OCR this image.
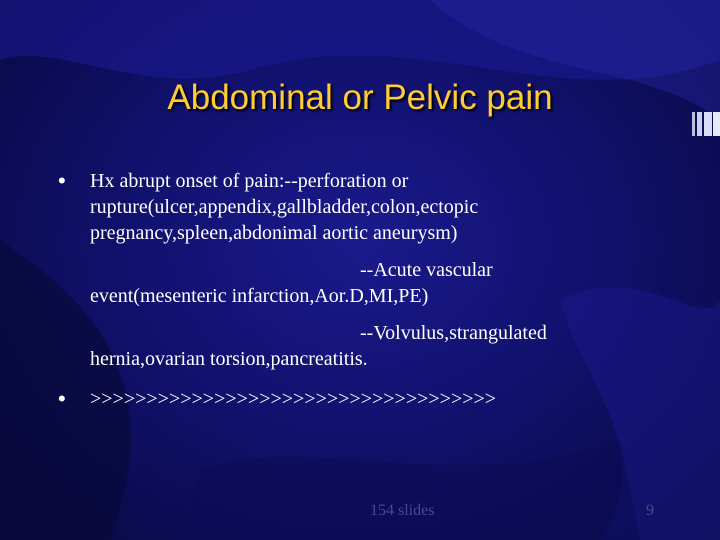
Abdominal or Pelvic pain
• Hx abrupt onset of pain:--perforation or
rupture(ulcer,appendix,gallbladder,colon,ectopic
pregnancy,spleen,abdonimal aortic aneurysm)
--Acute vascular
event(mesenteric infarction,Aor.D,MI,PE)
--Volvulus,strangulated
hernia,ovarian torsion,pancreatitis.
• >>>>>>>>>>>>>>>>>>>>>>>>>>>>>>>>>>>>
154 slides	9
